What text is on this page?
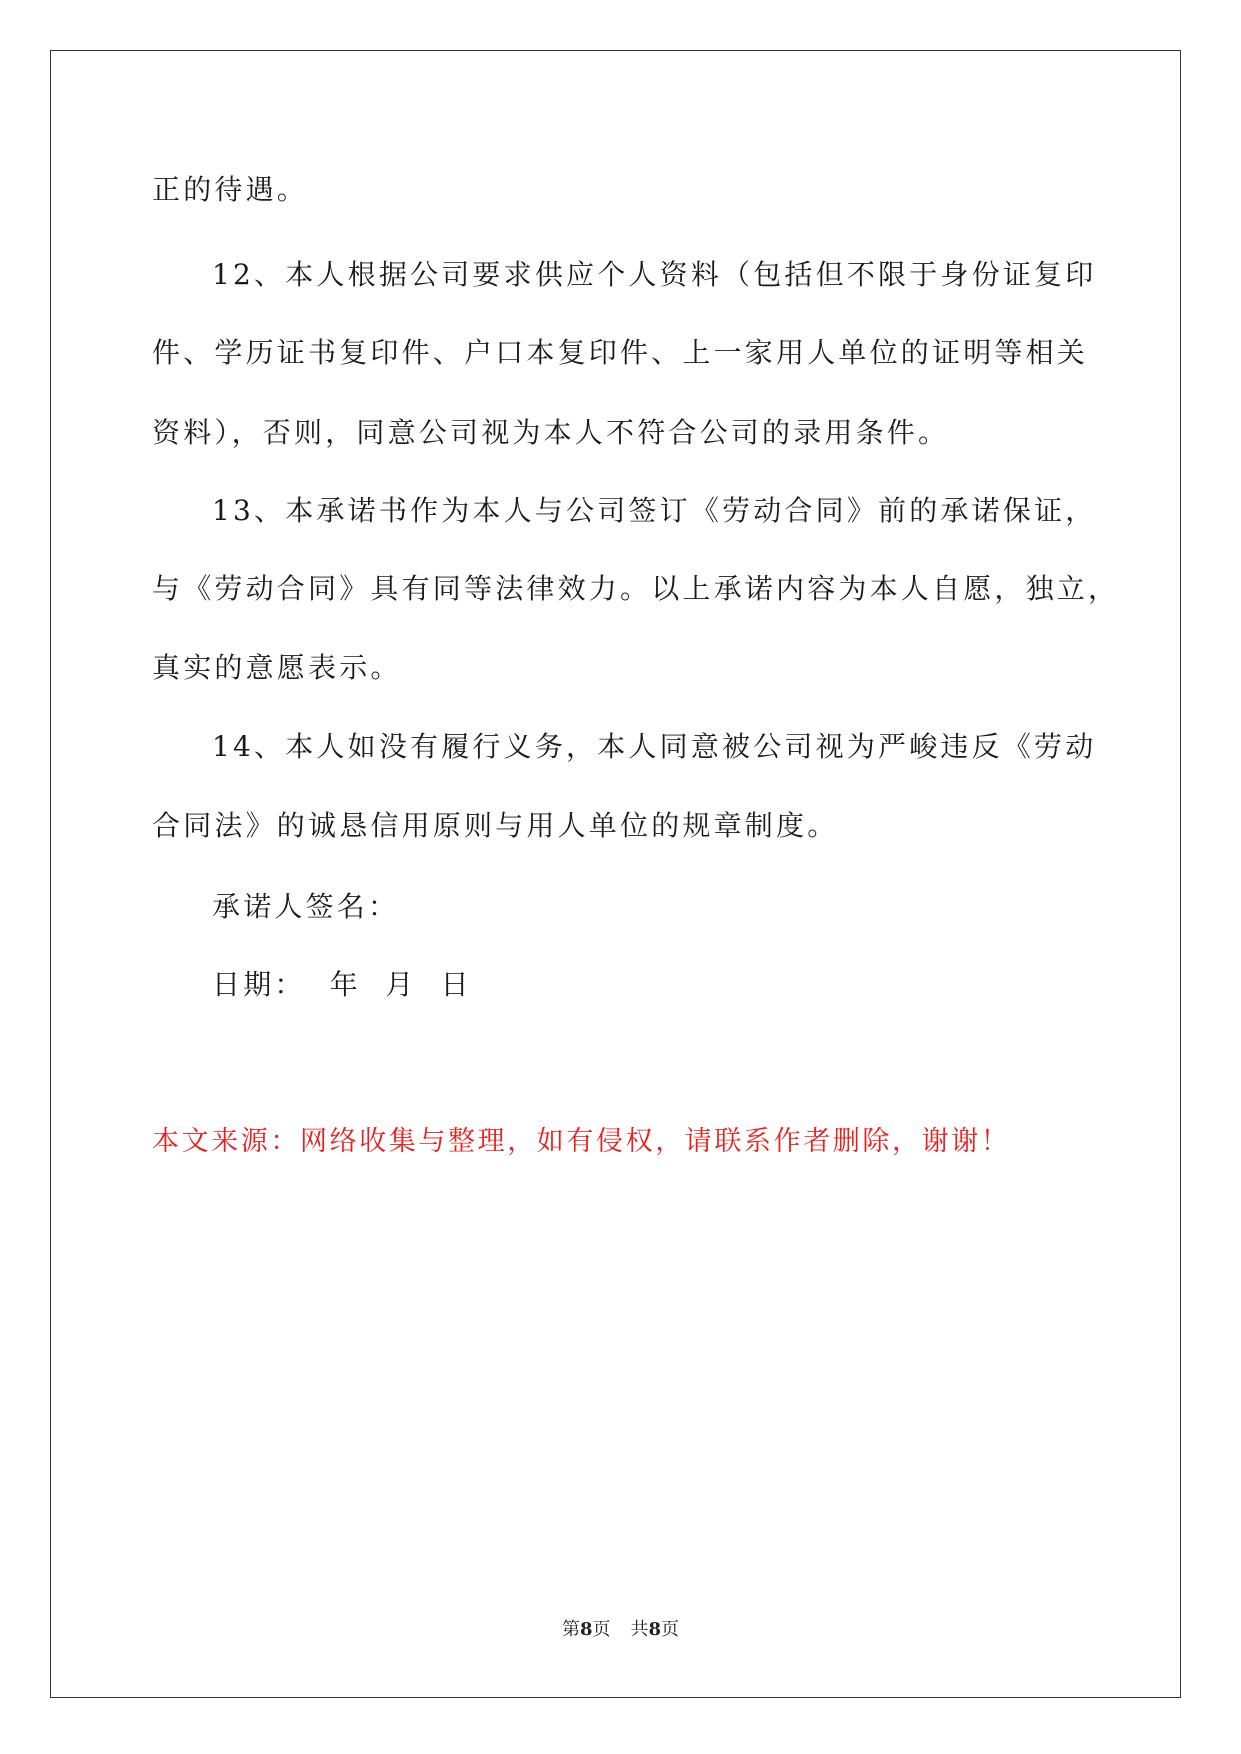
正的待遇。
12、本人根据公司要求供应个人资料（包括但不限于身份证复印
件、学历证书复印件、户口本复印件、上一家用人单位的证明等相关
资料），否则，同意公司视为本人不符合公司的录用条件。
13、本承诺书作为本人与公司签订《劳动合同》前的承诺保证，
与《劳动合同》具有同等法律效力。以上承诺内容为本人自愿，独立，
真实的意愿表示。
14、本人如没有履行义务，本人同意被公司视为严峻违反《劳动
合同法》的诚恳信用原则与用人单位的规章制度。
承诺人签名：
日期：  年  月  日
本文来源：网络收集与整理，如有侵权，请联系作者删除，谢谢！
第8页 共8页
